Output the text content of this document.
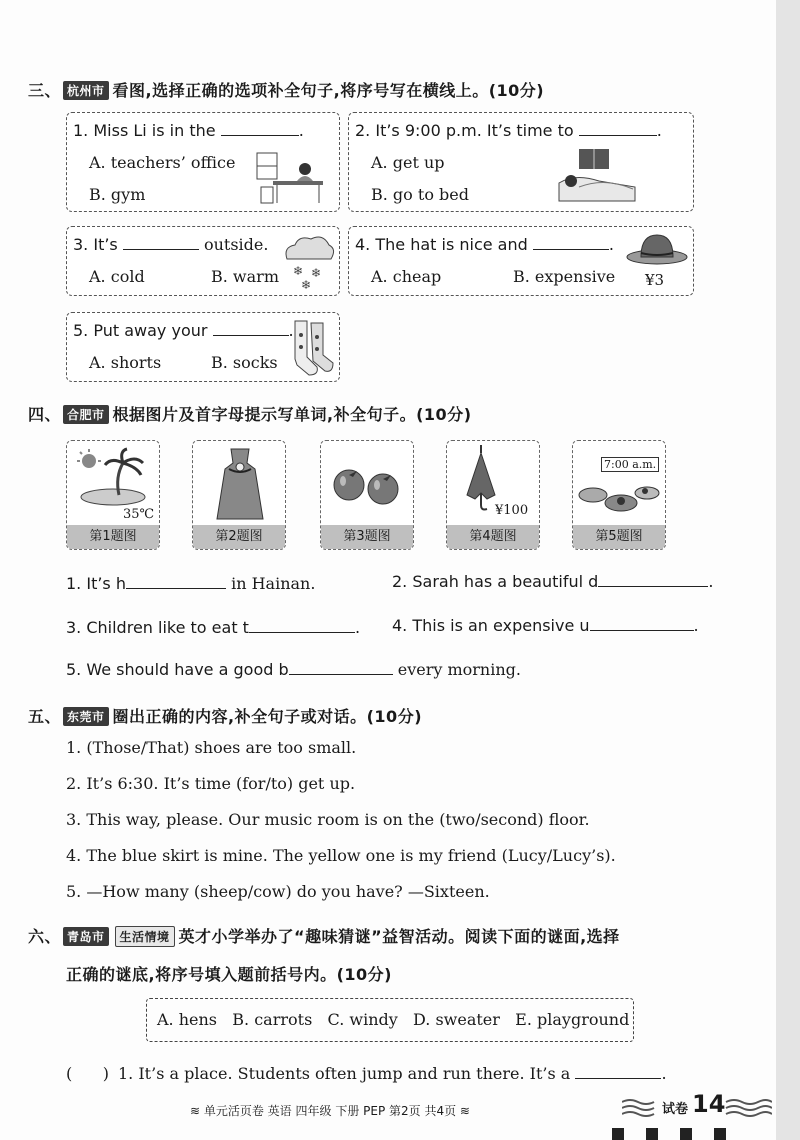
三、 杭州市 看图,选择正确的选项补全句子,将序号写在横线上。(10分)
1. Miss Li is in the	.
A. teachers’ office
B. gym
2. It’s 9:00 p.m. It’s time to	.
A. get up
B. go to bed
3. It’s	outside.
A. cold	B. warm ❄ ❄
❄
4. The hat is nice and	.
A. cheap	B. expensive ¥3
5. Put away your	.
A. shorts	B. socks
四、 合肥市 根据图片及首字母提示写单词,补全句子。(10分)
35℃
第1题图	第2题图	第3题图
¥100
第4题图
7:00 a.m.
第5题图
1. It’s h	in Hainan.	2. Sarah has a beautiful d	.
3. Children like to eat t	. 4. This is an expensive u	.
5. We should have a good b	every morning.
五、 东莞市 圈出正确的内容,补全句子或对话。(10分)
1. (Those/That) shoes are too small.
2. It’s 6:30. It’s time (for/to) get up.
3. This way, please. Our music room is on the (two/second) floor.
4. The blue skirt is mine. The yellow one is my friend (Lucy/Lucy’s).
5. —How many (sheep/cow) do you have? —Sixteen.
六、 青岛市 生活情境 英才小学举办了“趣味猜谜”益智活动。阅读下面的谜面,选择
正确的谜底,将序号填入题前括号内。(10分)
A. hens   B. carrots   C. windy   D. sweater   E. playground
(      ) 1. It’s a place. Students often jump and run there. It’s a	.
≋ 单元活页卷 英语 四年级 下册 PEP 第2页 共4页 ≋	试卷 14
